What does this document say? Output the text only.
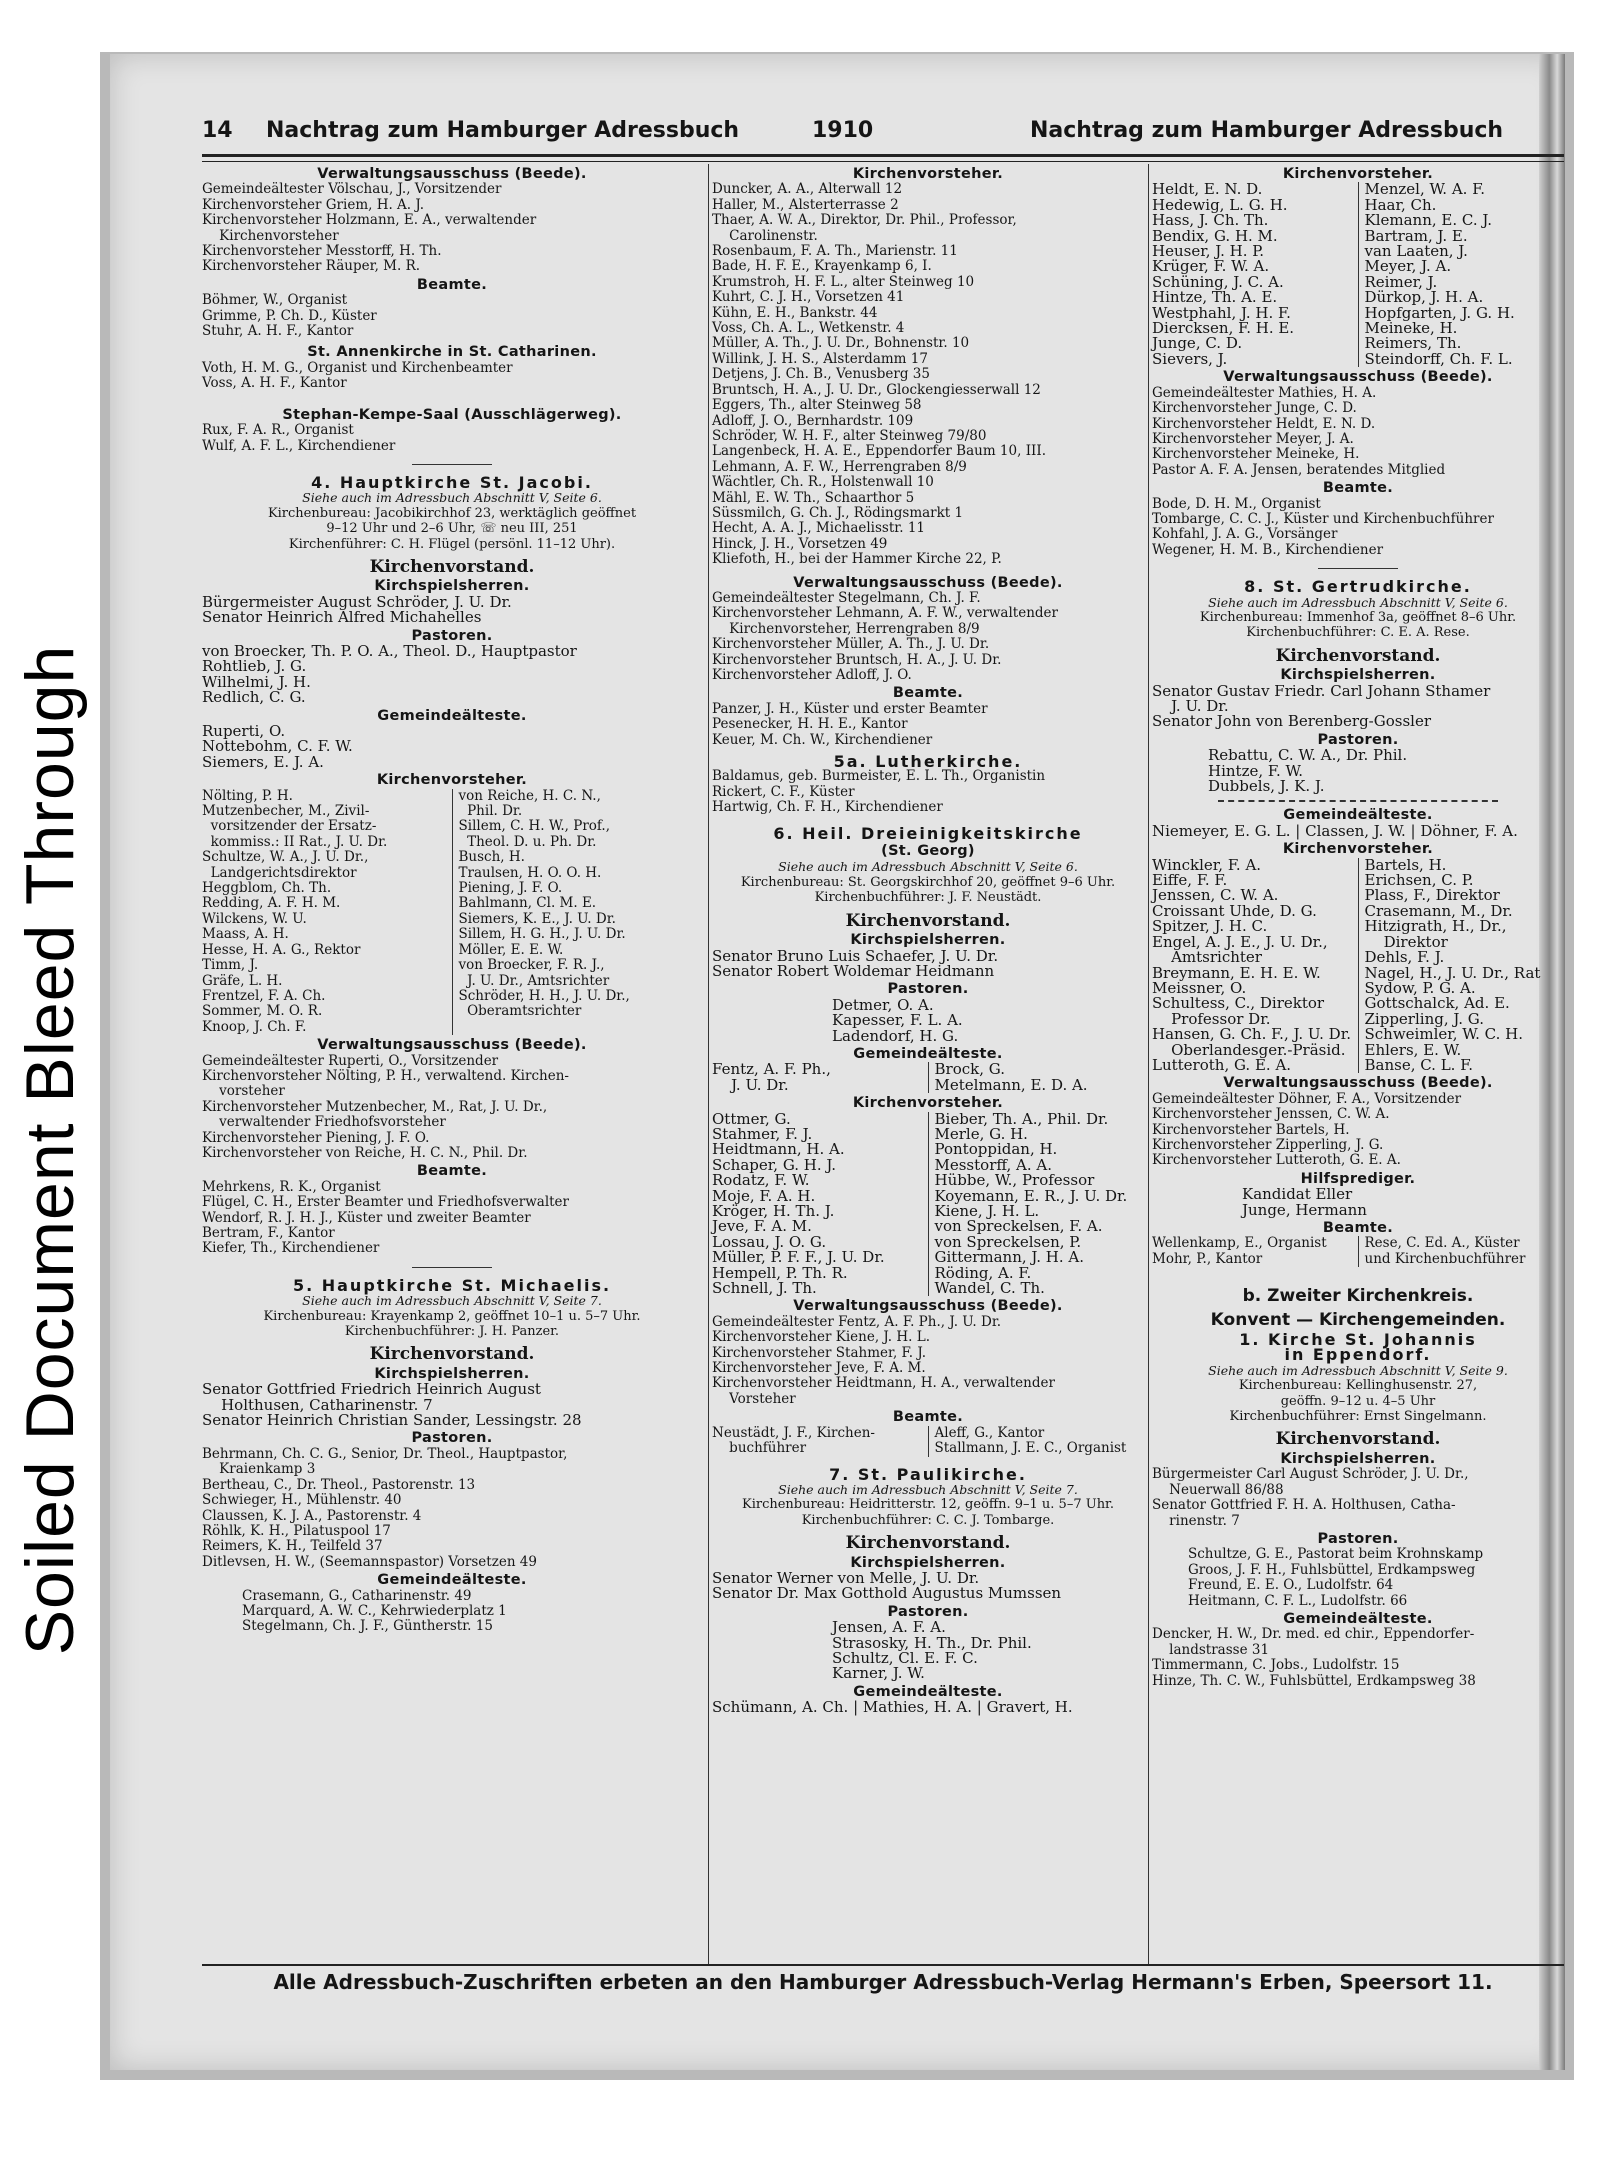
Soiled Document Bleed Through
14 Nachtrag zum Hamburger Adressbuch	1910	Nachtrag zum Hamburger Adressbuch
Verwaltungsausschuss (Beede).
Gemeindeältester Völschau, J., Vorsitzender
Kirchenvorsteher Griem, H. A. J.
Kirchenvorsteher Holzmann, E. A., verwaltender
Kirchenvorsteher
Kirchenvorsteher Messtorff, H. Th.
Kirchenvorsteher Räuper, M. R.
Beamte.
Böhmer, W., Organist
Grimme, P. Ch. D., Küster
Stuhr, A. H. F., Kantor
St. Annenkirche in St. Catharinen.
Voth, H. M. G., Organist und Kirchenbeamter
Voss, A. H. F., Kantor
Stephan-Kempe-Saal (Ausschlägerweg).
Rux, F. A. R., Organist
Wulf, A. F. L., Kirchendiener
4. Hauptkirche St. Jacobi.
Siehe auch im Adressbuch Abschnitt V, Seite 6.
Kirchenbureau: Jacobikirchhof 23, werktäglich geöffnet
9–12 Uhr und 2–6 Uhr, ☏ neu III, 251
Kirchenführer: C. H. Flügel (persönl. 11–12 Uhr).
Kirchenvorstand.
Kirchspielsherren.
Bürgermeister August Schröder, J. U. Dr.
Senator Heinrich Alfred Michahelles
Pastoren.
von Broecker, Th. P. O. A., Theol. D., Hauptpastor
Rohtlieb, J. G.
Wilhelmi, J. H.
Redlich, C. G.
Gemeindeälteste.
Ruperti, O.
Nottebohm, C. F. W.
Siemers, E. J. A.
Kirchenvorsteher.
Nölting, P. H.
Mutzenbecher, M., Zivil-
vorsitzender der Ersatz-
kommiss.: II Rat., J. U. Dr.
Schultze, W. A., J. U. Dr.,
Landgerichtsdirektor
Heggblom, Ch. Th.
Redding, A. F. H. M.
Wilckens, W. U.
Maass, A. H.
Hesse, H. A. G., Rektor
Timm, J.
Gräfe, L. H.
Frentzel, F. A. Ch.
Sommer, M. O. R.
Knoop, J. Ch. F.
von Reiche, H. C. N.,
Phil. Dr.
Sillem, C. H. W., Prof.,
Theol. D. u. Ph. Dr.
Busch, H.
Traulsen, H. O. O. H.
Piening, J. F. O.
Bahlmann, Cl. M. E.
Siemers, K. E., J. U. Dr.
Sillem, H. G. H., J. U. Dr.
Möller, E. E. W.
von Broecker, F. R. J.,
J. U. Dr., Amtsrichter
Schröder, H. H., J. U. Dr.,
Oberamtsrichter
Verwaltungsausschuss (Beede).
Gemeindeältester Ruperti, O., Vorsitzender
Kirchenvorsteher Nölting, P. H., verwaltend. Kirchen-
vorsteher
Kirchenvorsteher Mutzenbecher, M., Rat, J. U. Dr.,
verwaltender Friedhofsvorsteher
Kirchenvorsteher Piening, J. F. O.
Kirchenvorsteher von Reiche, H. C. N., Phil. Dr.
Beamte.
Mehrkens, R. K., Organist
Flügel, C. H., Erster Beamter und Friedhofsverwalter
Wendorf, R. J. H. J., Küster und zweiter Beamter
Bertram, F., Kantor
Kiefer, Th., Kirchendiener
5. Hauptkirche St. Michaelis.
Siehe auch im Adressbuch Abschnitt V, Seite 7.
Kirchenbureau: Krayenkamp 2, geöffnet 10–1 u. 5–7 Uhr.
Kirchenbuchführer: J. H. Panzer.
Kirchenvorstand.
Kirchspielsherren.
Senator Gottfried Friedrich Heinrich August
Holthusen, Catharinenstr. 7
Senator Heinrich Christian Sander, Lessingstr. 28
Pastoren.
Behrmann, Ch. C. G., Senior, Dr. Theol., Hauptpastor,
Kraienkamp 3
Bertheau, C., Dr. Theol., Pastorenstr. 13
Schwieger, H., Mühlenstr. 40
Claussen, K. J. A., Pastorenstr. 4
Röhlk, K. H., Pilatuspool 17
Reimers, K. H., Teilfeld 37
Ditlevsen, H. W., (Seemannspastor) Vorsetzen 49
Gemeindeälteste.
Crasemann, G., Catharinenstr. 49
Marquard, A. W. C., Kehrwiederplatz 1
Stegelmann, Ch. J. F., Güntherstr. 15
Kirchenvorsteher.
Duncker, A. A., Alterwall 12
Haller, M., Alsterterrasse 2
Thaer, A. W. A., Direktor, Dr. Phil., Professor,
Carolinenstr.
Rosenbaum, F. A. Th., Marienstr. 11
Bade, H. F. E., Krayenkamp 6, I.
Krumstroh, H. F. L., alter Steinweg 10
Kuhrt, C. J. H., Vorsetzen 41
Kühn, E. H., Bankstr. 44
Voss, Ch. A. L., Wetkenstr. 4
Müller, A. Th., J. U. Dr., Bohnenstr. 10
Willink, J. H. S., Alsterdamm 17
Detjens, J. Ch. B., Venusberg 35
Bruntsch, H. A., J. U. Dr., Glockengiesserwall 12
Eggers, Th., alter Steinweg 58
Adloff, J. O., Bernhardstr. 109
Schröder, W. H. F., alter Steinweg 79/80
Langenbeck, H. A. E., Eppendorfer Baum 10, III.
Lehmann, A. F. W., Herrengraben 8/9
Wächtler, Ch. R., Holstenwall 10
Mähl, E. W. Th., Schaarthor 5
Süssmilch, G. Ch. J., Rödingsmarkt 1
Hecht, A. A. J., Michaelisstr. 11
Hinck, J. H., Vorsetzen 49
Kliefoth, H., bei der Hammer Kirche 22, P.
Verwaltungsausschuss (Beede).
Gemeindeältester Stegelmann, Ch. J. F.
Kirchenvorsteher Lehmann, A. F. W., verwaltender
Kirchenvorsteher, Herrengraben 8/9
Kirchenvorsteher Müller, A. Th., J. U. Dr.
Kirchenvorsteher Bruntsch, H. A., J. U. Dr.
Kirchenvorsteher Adloff, J. O.
Beamte.
Panzer, J. H., Küster und erster Beamter
Pesenecker, H. H. E., Kantor
Keuer, M. Ch. W., Kirchendiener
5a. Lutherkirche.
Baldamus, geb. Burmeister, E. L. Th., Organistin
Rickert, C. F., Küster
Hartwig, Ch. F. H., Kirchendiener
6. Heil. Dreieinigkeitskirche
(St. Georg)
Siehe auch im Adressbuch Abschnitt V, Seite 6.
Kirchenbureau: St. Georgskirchhof 20, geöffnet 9–6 Uhr.
Kirchenbuchführer: J. F. Neustädt.
Kirchenvorstand.
Kirchspielsherren.
Senator Bruno Luis Schaefer, J. U. Dr.
Senator Robert Woldemar Heidmann
Pastoren.
Detmer, O. A.
Kapesser, F. L. A.
Ladendorf, H. G.
Gemeindeälteste.
Fentz, A. F. Ph.,
J. U. Dr.
Brock, G.
Metelmann, E. D. A.
Kirchenvorsteher.
Ottmer, G.
Stahmer, F. J.
Heidtmann, H. A.
Schaper, G. H. J.
Rodatz, F. W.
Moje, F. A. H.
Kröger, H. Th. J.
Jeve, F. A. M.
Lossau, J. O. G.
Müller, P. F. F., J. U. Dr.
Hempell, P. Th. R.
Schnell, J. Th.
Bieber, Th. A., Phil. Dr.
Merle, G. H.
Pontoppidan, H.
Messtorff, A. A.
Hübbe, W., Professor
Koyemann, E. R., J. U. Dr.
Kiene, J. H. L.
von Spreckelsen, F. A.
von Spreckelsen, P.
Gittermann, J. H. A.
Röding, A. F.
Wandel, C. Th.
Verwaltungsausschuss (Beede).
Gemeindeältester Fentz, A. F. Ph., J. U. Dr.
Kirchenvorsteher Kiene, J. H. L.
Kirchenvorsteher Stahmer, F. J.
Kirchenvorsteher Jeve, F. A. M.
Kirchenvorsteher Heidtmann, H. A., verwaltender
Vorsteher
Beamte.
Neustädt, J. F., Kirchen-
buchführer
Aleff, G., Kantor
Stallmann, J. E. C., Organist
7. St. Paulikirche.
Siehe auch im Adressbuch Abschnitt V, Seite 7.
Kirchenbureau: Heidritterstr. 12, geöffn. 9–1 u. 5–7 Uhr.
Kirchenbuchführer: C. C. J. Tombarge.
Kirchenvorstand.
Kirchspielsherren.
Senator Werner von Melle, J. U. Dr.
Senator Dr. Max Gotthold Augustus Mumssen
Pastoren.
Jensen, A. F. A.
Strasosky, H. Th., Dr. Phil.
Schultz, Cl. E. F. C.
Karner, J. W.
Gemeindeälteste.
Schümann, A. Ch. | Mathies, H. A. | Gravert, H.
Kirchenvorsteher.
Heldt, E. N. D.
Hedewig, L. G. H.
Hass, J. Ch. Th.
Bendix, G. H. M.
Heuser, J. H. P.
Krüger, F. W. A.
Schüning, J. C. A.
Hintze, Th. A. E.
Westphahl, J. H. F.
Diercksen, F. H. E.
Junge, C. D.
Sievers, J.
Menzel, W. A. F.
Haar, Ch.
Klemann, E. C. J.
Bartram, J. E.
van Laaten, J.
Meyer, J. A.
Reimer, J.
Dürkop, J. H. A.
Hopfgarten, J. G. H.
Meineke, H.
Reimers, Th.
Steindorff, Ch. F. L.
Verwaltungsausschuss (Beede).
Gemeindeältester Mathies, H. A.
Kirchenvorsteher Junge, C. D.
Kirchenvorsteher Heldt, E. N. D.
Kirchenvorsteher Meyer, J. A.
Kirchenvorsteher Meineke, H.
Pastor A. F. A. Jensen, beratendes Mitglied
Beamte.
Bode, D. H. M., Organist
Tombarge, C. C. J., Küster und Kirchenbuchführer
Kohfahl, J. A. G., Vorsänger
Wegener, H. M. B., Kirchendiener
8. St. Gertrudkirche.
Siehe auch im Adressbuch Abschnitt V, Seite 6.
Kirchenbureau: Immenhof 3a, geöffnet 8–6 Uhr.
Kirchenbuchführer: C. E. A. Rese.
Kirchenvorstand.
Kirchspielsherren.
Senator Gustav Friedr. Carl Johann Sthamer
J. U. Dr.
Senator John von Berenberg-Gossler
Pastoren.
Rebattu, C. W. A., Dr. Phil.
Hintze, F. W.
Dubbels, J. K. J.
Gemeindeälteste.
Niemeyer, E. G. L. | Classen, J. W. | Döhner, F. A.
Kirchenvorsteher.
Winckler, F. A.
Eiffe, F. F.
Jenssen, C. W. A.
Croissant Uhde, D. G.
Spitzer, J. H. C.
Engel, A. J. E., J. U. Dr.,
Amtsrichter
Breymann, E. H. E. W.
Meissner, O.
Schultess, C., Direktor
Professor Dr.
Hansen, G. Ch. F., J. U. Dr.
Oberlandesger.-Präsid.
Lutteroth, G. E. A.
Bartels, H.
Erichsen, C. P.
Plass, F., Direktor
Crasemann, M., Dr.
Hitzigrath, H., Dr.,
Direktor
Dehls, F. J.
Nagel, H., J. U. Dr., Rat
Sydow, P. G. A.
Gottschalck, Ad. E.
Zipperling, J. G.
Schweimler, W. C. H.
Ehlers, E. W.
Banse, C. L. F.
Verwaltungsausschuss (Beede).
Gemeindeältester Döhner, F. A., Vorsitzender
Kirchenvorsteher Jenssen, C. W. A.
Kirchenvorsteher Bartels, H.
Kirchenvorsteher Zipperling, J. G.
Kirchenvorsteher Lutteroth, G. E. A.
Hilfsprediger.
Kandidat Eller
Junge, Hermann
Beamte.
Wellenkamp, E., Organist
Mohr, P., Kantor
Rese, C. Ed. A., Küster
und Kirchenbuchführer
b. Zweiter Kirchenkreis.
Konvent — Kirchengemeinden.
1. Kirche St. Johannis
in Eppendorf.
Siehe auch im Adressbuch Abschnitt V, Seite 9.
Kirchenbureau: Kellinghusenstr. 27,
geöffn. 9–12 u. 4–5 Uhr
Kirchenbuchführer: Ernst Singelmann.
Kirchenvorstand.
Kirchspielsherren.
Bürgermeister Carl August Schröder, J. U. Dr.,
Neuerwall 86/88
Senator Gottfried F. H. A. Holthusen, Catha-
rinenstr. 7
Pastoren.
Schultze, G. E., Pastorat beim Krohnskamp
Groos, J. F. H., Fuhlsbüttel, Erdkampsweg
Freund, E. E. O., Ludolfstr. 64
Heitmann, C. F. L., Ludolfstr. 66
Gemeindeälteste.
Dencker, H. W., Dr. med. ed chir., Eppendorfer-
landstrasse 31
Timmermann, C. Jobs., Ludolfstr. 15
Hinze, Th. C. W., Fuhlsbüttel, Erdkampsweg 38
Alle Adressbuch-Zuschriften erbeten an den Hamburger Adressbuch-Verlag Hermann's Erben, Speersort 11.
